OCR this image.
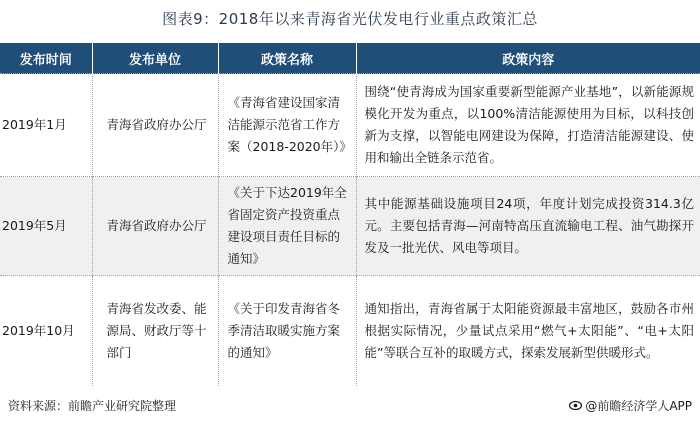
图表9：2018年以来青海省光伏发电行业重点政策汇总
发布时间	发布单位	政策名称	政策内容
2019年1月	青海省政府办公厅	《青海省建设国家清洁能源示范省工作方案（2018-2020年）》	围绕“使青海成为国家重要新型能源产业基地”，以新能源规模化开发为重点，以100%清洁能源使用为目标，以科技创新为支撑，以智能电网建设为保障，打造清洁能源建设、使用和输出全链条示范省。
2019年5月	青海省政府办公厅	《关于下达2019年全省固定资产投资重点建设项目责任目标的通知》	其中能源基础设施项目24项，年度计划完成投资314.3亿元。主要包括青海—河南特高压直流输电工程、油气勘探开发及一批光伏、风电等项目。
2019年10月	青海省发改委、能源局、财政厅等十部门	《关于印发青海省冬季清洁取暖实施方案的通知》	通知指出，青海省属于太阳能资源最丰富地区，鼓励各市州根据实际情况，少量试点采用“燃气+太阳能”、“电+太阳能”等联合互补的取暖方式，探索发展新型供暖形式。
资料来源：前瞻产业研究院整理	@前瞻经济学人APP
